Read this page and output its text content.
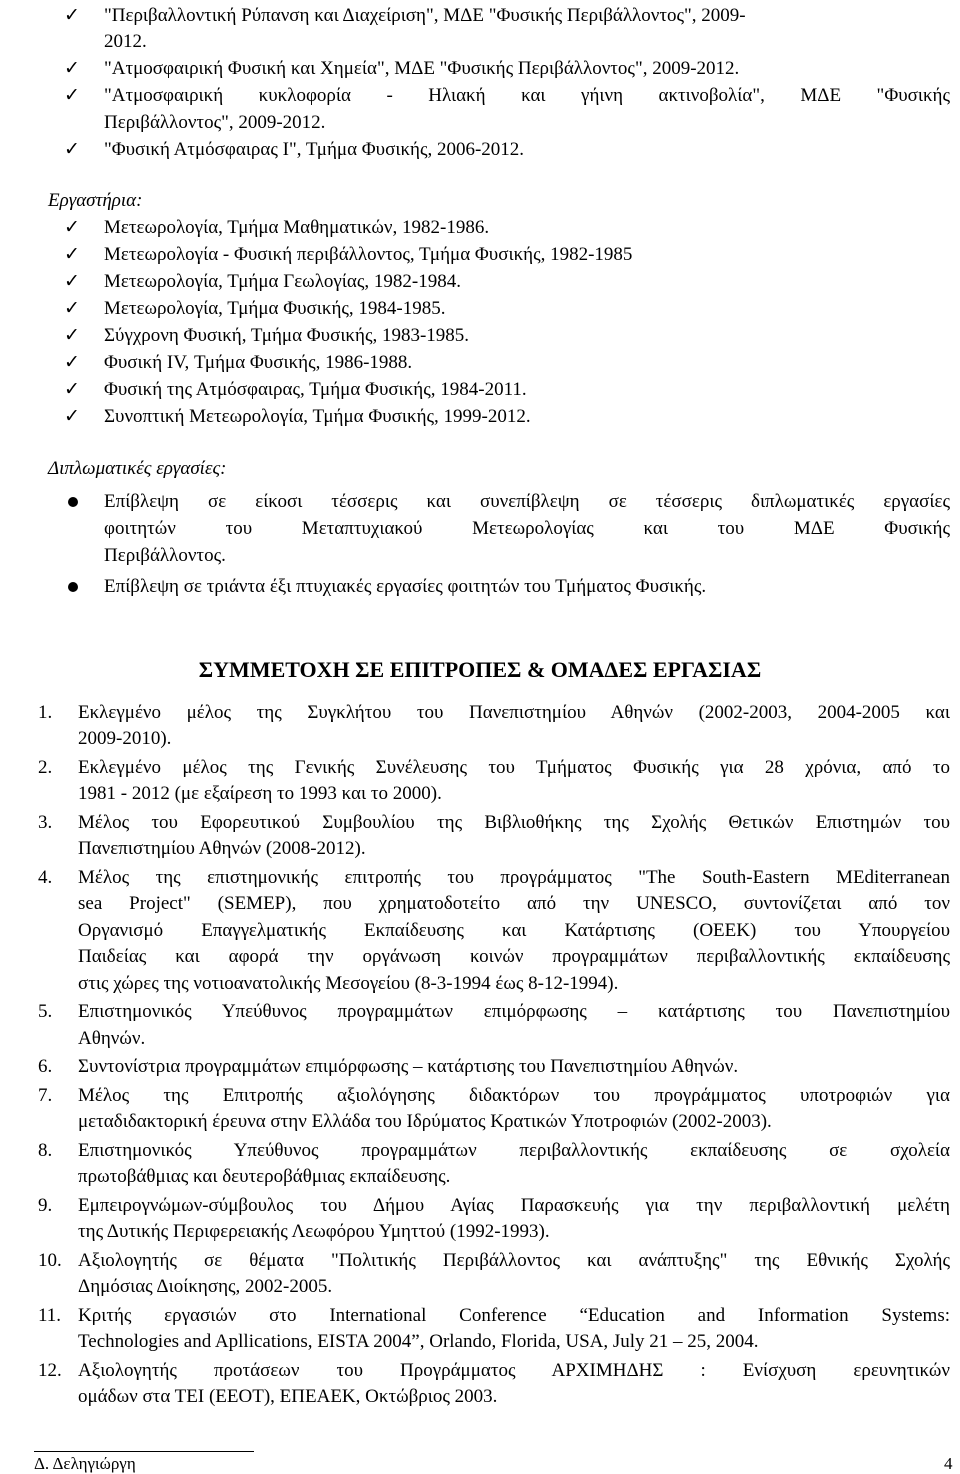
✓ "Περιβαλλοντική Ρύπανση και Διαχείριση", ΜΔΕ "Φυσικής Περιβάλλοντος", 2009-
2012.
✓ "Ατμοσφαιρική Φυσική και Χημεία", ΜΔΕ "Φυσικής Περιβάλλοντος", 2009-2012.
✓ "Ατμοσφαιρική κυκλοφορία - Ηλιακή και γήινη ακτινοβολία", ΜΔΕ "Φυσικής
Περιβάλλοντος", 2009-2012.
✓ "Φυσική Ατμόσφαιρας Ι", Τμήμα Φυσικής, 2006-2012.
Εργαστήρια:
✓ Μετεωρολογία, Τμήμα Μαθηματικών, 1982-1986.
✓ Μετεωρολογία - Φυσική περιβάλλοντος, Τμήμα Φυσικής, 1982-1985
✓ Μετεωρολογία, Τμήμα Γεωλογίας, 1982-1984.
✓ Μετεωρολογία, Τμήμα Φυσικής, 1984-1985.
✓ Σύγχρονη Φυσική, Τμήμα Φυσικής, 1983-1985.
✓ Φυσική ΙV, Τμήμα Φυσικής, 1986-1988.
✓ Φυσική της Ατμόσφαιρας, Τμήμα Φυσικής, 1984-2011.
✓ Συνοπτική Μετεωρολογία, Τμήμα Φυσικής, 1999-2012.
Διπλωματικές εργασίες:
Επίβλεψη σε είκοσι τέσσερις και συνεπίβλεψη σε τέσσερις διπλωματικές εργασίες
φοιτητών του Μεταπτυχιακού Μετεωρολογίας και του ΜΔΕ Φυσικής
Περιβάλλοντος.
Επίβλεψη σε τριάντα έξι πτυχιακές εργασίες φοιτητών του Τμήματος Φυσικής.
ΣΥΜΜΕΤΟΧΗ ΣΕ ΕΠΙΤΡΟΠΕΣ & ΟΜΑΔΕΣ ΕΡΓΑΣΙΑΣ
1.	Εκλεγμένο μέλος της Συγκλήτου του Πανεπιστημίου Αθηνών (2002-2003, 2004-2005 και
2009-2010).
2.	Εκλεγμένο μέλος της Γενικής Συνέλευσης του Τμήματος Φυσικής για 28 χρόνια, από το
1981 - 2012 (με εξαίρεση το 1993 και το 2000).
3.	Μέλος του Εφορευτικού Συμβουλίου της Βιβλιοθήκης της Σχολής Θετικών Επιστημών του
Πανεπιστημίου Αθηνών (2008-2012).
4.	Μέλος της επιστημονικής επιτροπής του προγράμματος "The South-Eastern MEditerranean
sea Project" (SEMEP), που χρηματοδοτείτο από την UNESCO, συντονίζεται από τον
Οργανισμό Επαγγελματικής Εκπαίδευσης και Κατάρτισης (ΟΕΕΚ) του Υπουργείου
Παιδείας και αφορά την οργάνωση κοινών προγραμμάτων περιβαλλοντικής εκπαίδευσης
στις χώρες της νοτιοανατολικής Μεσογείου (8-3-1994 έως 8-12-1994).
5.	Επιστημονικός Υπεύθυνος προγραμμάτων επιμόρφωσης – κατάρτισης του Πανεπιστημίου
Αθηνών.
6.	Συντονίστρια προγραμμάτων επιμόρφωσης – κατάρτισης του Πανεπιστημίου Αθηνών.
7.	Μέλος της Επιτροπής αξιολόγησης διδακτόρων του προγράμματος υποτροφιών για
μεταδιδακτορική έρευνα στην Ελλάδα του Ιδρύματος Κρατικών Υποτροφιών (2002-2003).
8.	Επιστημονικός Υπεύθυνος προγραμμάτων περιβαλλοντικής εκπαίδευσης σε σχολεία
πρωτοβάθμιας και δευτεροβάθμιας εκπαίδευσης.
9.	Εμπειρογνώμων-σύμβουλος του Δήμου Αγίας Παρασκευής για την περιβαλλοντική μελέτη
της Δυτικής Περιφερειακής Λεωφόρου Υμηττού (1992-1993).
10. Αξιολογητής σε θέματα "Πολιτικής Περιβάλλοντος και ανάπτυξης" της Εθνικής Σχολής
Δημόσιας Διοίκησης, 2002-2005.
11. Κριτής εργασιών στο International Conference “Education and Information Systems:
Technologies and Apllications, EISTA 2004”, Orlando, Florida, USA, July 21 – 25, 2004.
12. Αξιολογητής προτάσεων του Προγράμματος ΑΡΧΙΜΗΔΗΣ : Ενίσχυση ερευνητικών
ομάδων στα ΤΕΙ (ΕΕΟΤ), ΕΠΕΑΕΚ, Οκτώβριος 2003.
Δ. Δεληγιώργη	4
